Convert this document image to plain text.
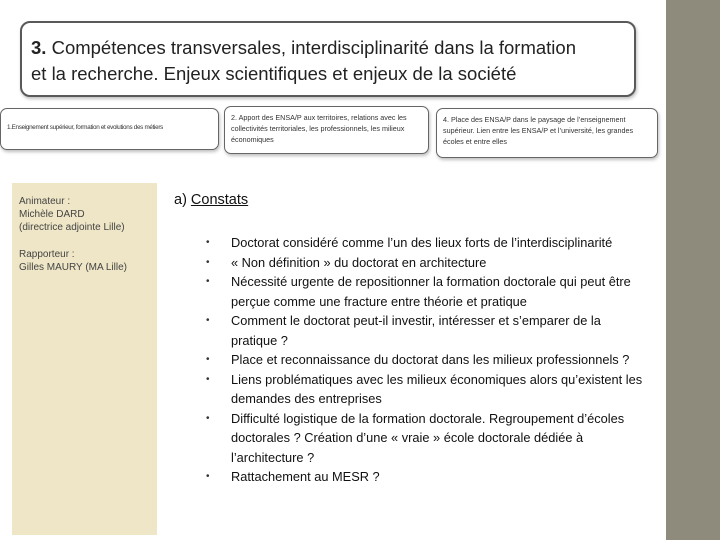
3. Compétences transversales, interdisciplinarité dans la formation
et la recherche. Enjeux scientifiques et enjeux de la société
1.Enseignement supérieur, formation et evolutions des métiers
2. Apport des ENSA/P aux territoires, relations avec les collectivités territoriales, les professionnels, les milieux économiques
4. Place des ENSA/P dans le paysage de l’enseignement supérieur. Lien entre les ENSA/P et l’université, les grandes écoles et entre elles
Animateur :
Michèle DARD
(directrice adjointe Lille)
Rapporteur :
Gilles MAURY (MA Lille)
a) Constats
• Doctorat considéré comme l’un des lieux forts de l’interdisciplinarité
• « Non définition » du doctorat en architecture
• Nécessité urgente de repositionner la formation doctorale qui peut être perçue comme une fracture entre théorie et pratique
• Comment le doctorat peut-il investir, intéresser et s’emparer de la pratique ?
• Place et reconnaissance du doctorat dans les milieux professionnels ?
• Liens problématiques avec les milieux économiques alors qu’existent les demandes des entreprises
• Difficulté logistique de la formation doctorale. Regroupement d’écoles doctorales ? Création d’une « vraie » école doctorale dédiée à l’architecture ?
• Rattachement au MESR ?
